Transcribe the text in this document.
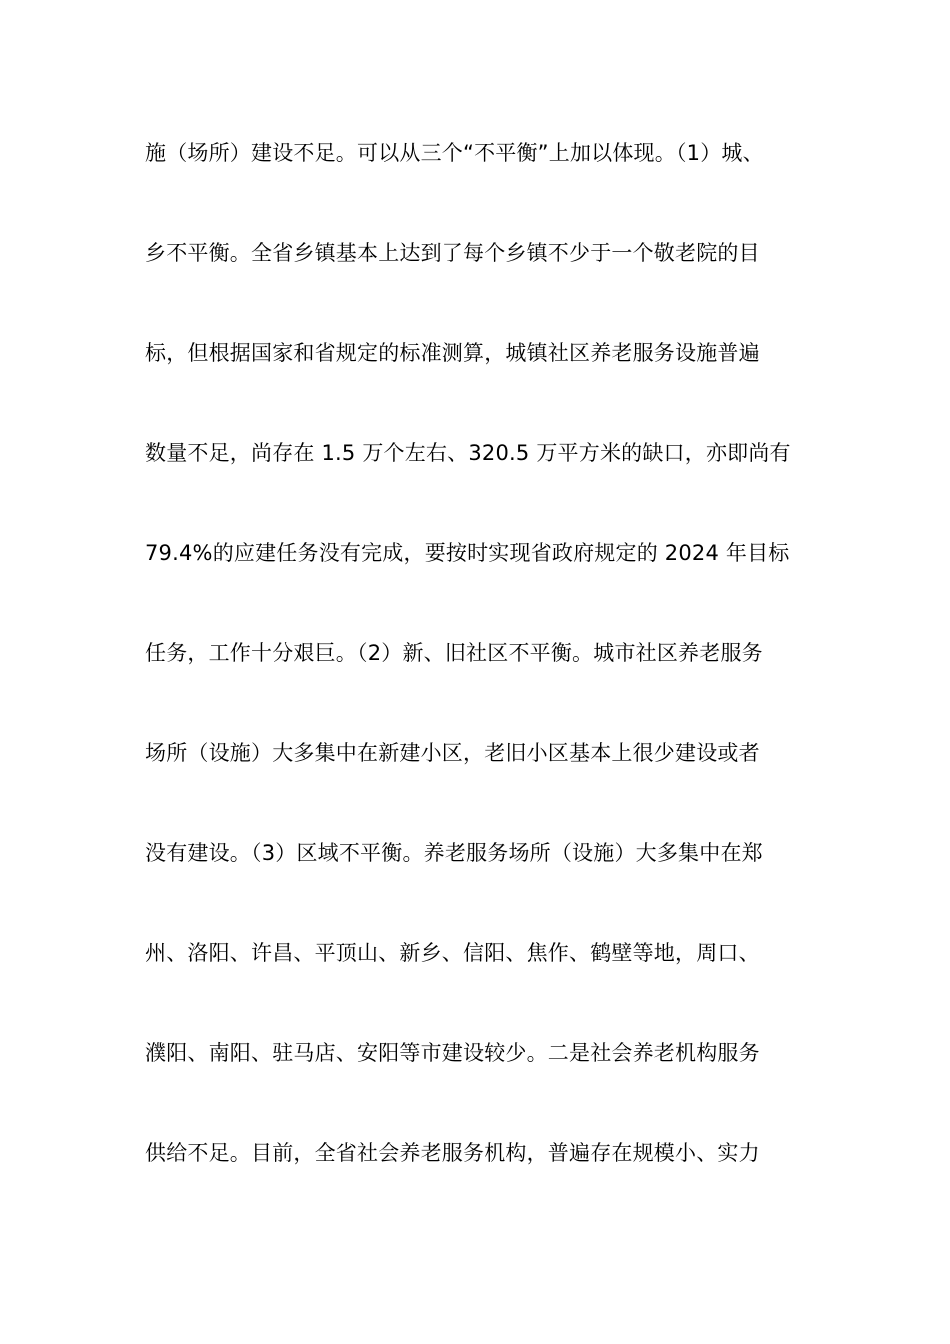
施（场所）建设不足。可以从三个“不平衡”上加以体现。（1）城、
乡不平衡。全省乡镇基本上达到了每个乡镇不少于一个敬老院的目
标，但根据国家和省规定的标准测算，城镇社区养老服务设施普遍
数量不足，尚存在 1.5 万个左右、320.5 万平方米的缺口，亦即尚有
79.4%的应建任务没有完成，要按时实现省政府规定的 2024 年目标
任务，工作十分艰巨。（2）新、旧社区不平衡。城市社区养老服务
场所（设施）大多集中在新建小区，老旧小区基本上很少建设或者
没有建设。（3）区域不平衡。养老服务场所（设施）大多集中在郑
州、洛阳、许昌、平顶山、新乡、信阳、焦作、鹤壁等地，周口、
濮阳、南阳、驻马店、安阳等市建设较少。二是社会养老机构服务
供给不足。目前，全省社会养老服务机构，普遍存在规模小、实力
